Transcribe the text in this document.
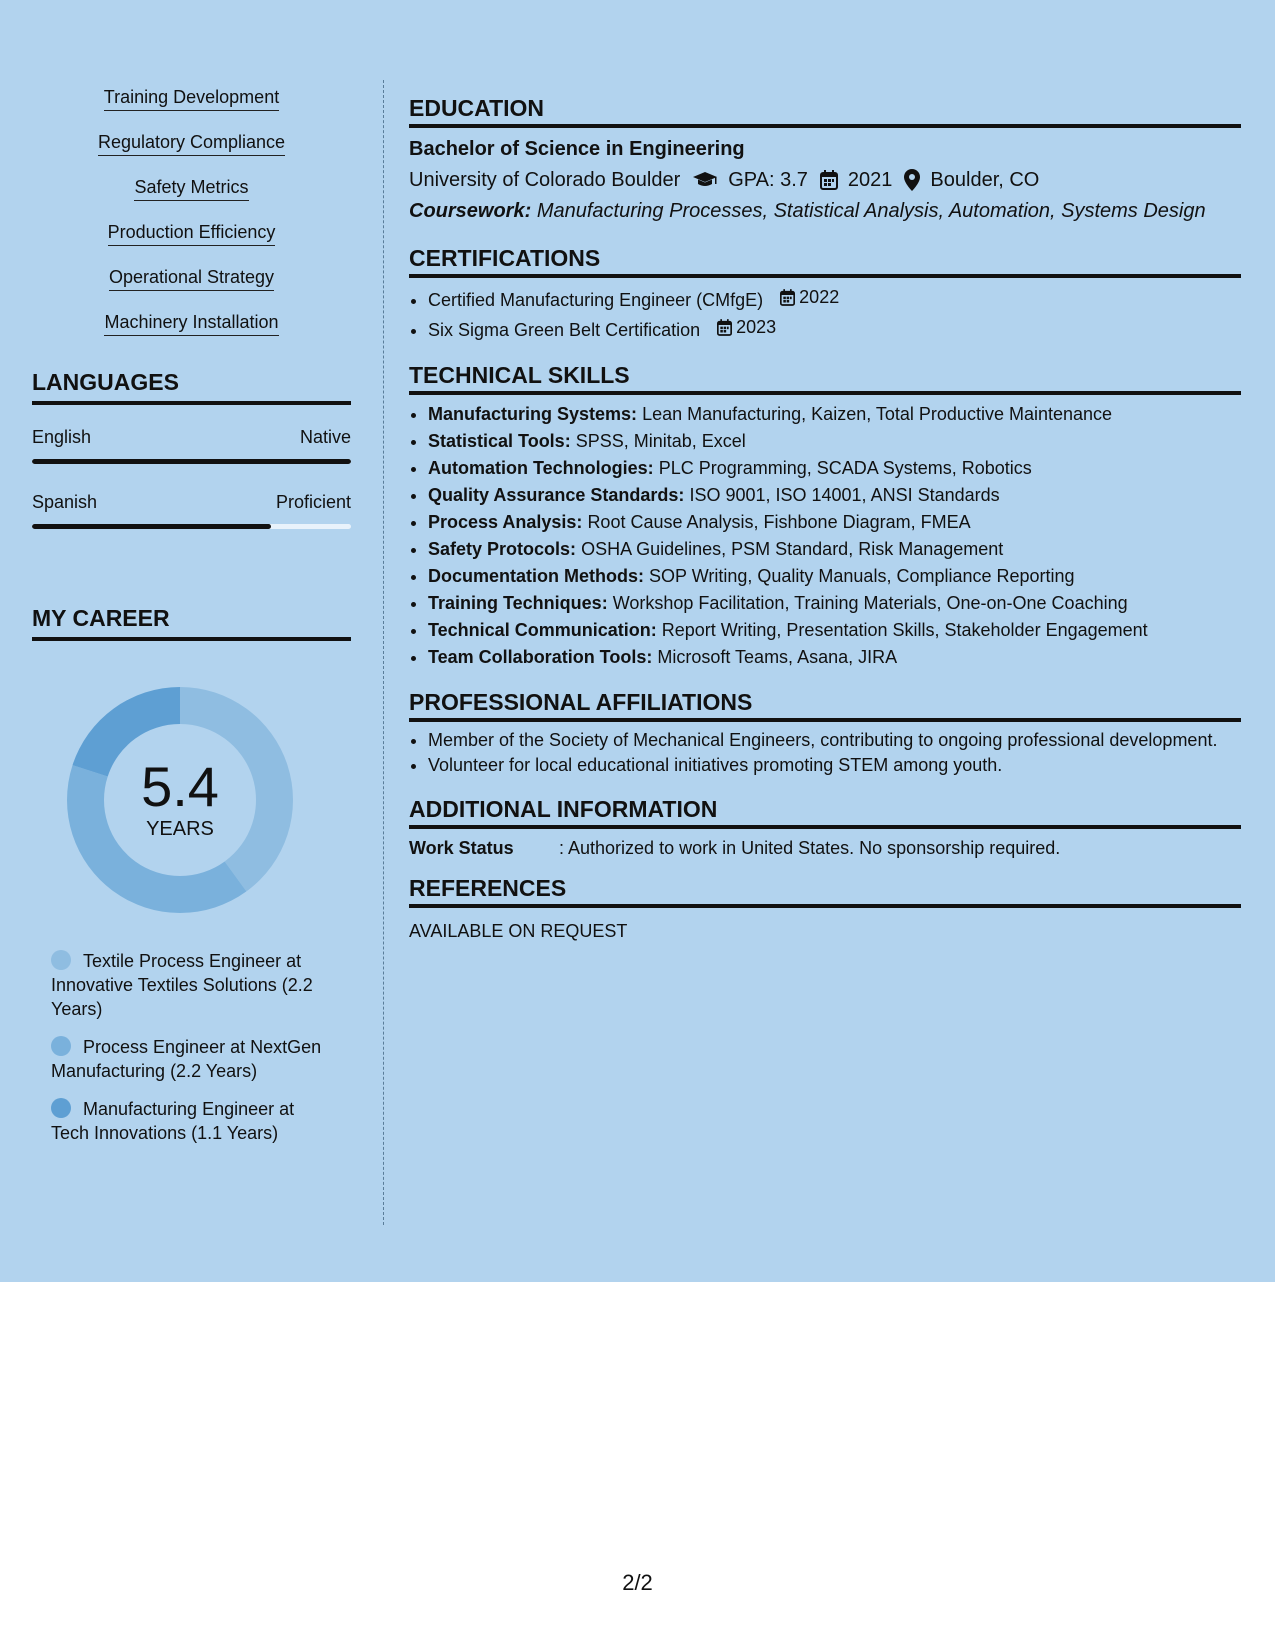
Training Development
Regulatory Compliance
Safety Metrics
Production Efficiency
Operational Strategy
Machinery Installation
LANGUAGES
English	Native
Spanish	Proficient
MY CAREER
5.4
YEARS
Textile Process Engineer at Innovative Textiles Solutions (2.2 Years)
Process Engineer at NextGen Manufacturing (2.2 Years)
Manufacturing Engineer at Tech Innovations (1.1 Years)
EDUCATION
Bachelor of Science in Engineering
University of Colorado Boulder GPA: 3.7 2021 Boulder, CO
Coursework: Manufacturing Processes, Statistical Analysis, Automation, Systems Design
CERTIFICATIONS
• Certified Manufacturing Engineer (CMfgE) 2022
• Six Sigma Green Belt Certification 2023
TECHNICAL SKILLS
• Manufacturing Systems: Lean Manufacturing, Kaizen, Total Productive Maintenance
• Statistical Tools: SPSS, Minitab, Excel
• Automation Technologies: PLC Programming, SCADA Systems, Robotics
• Quality Assurance Standards: ISO 9001, ISO 14001, ANSI Standards
• Process Analysis: Root Cause Analysis, Fishbone Diagram, FMEA
• Safety Protocols: OSHA Guidelines, PSM Standard, Risk Management
• Documentation Methods: SOP Writing, Quality Manuals, Compliance Reporting
• Training Techniques: Workshop Facilitation, Training Materials, One-on-One Coaching
• Technical Communication: Report Writing, Presentation Skills, Stakeholder Engagement
• Team Collaboration Tools: Microsoft Teams, Asana, JIRA
PROFESSIONAL AFFILIATIONS
• Member of the Society of Mechanical Engineers, contributing to ongoing professional development.
• Volunteer for local educational initiatives promoting STEM among youth.
ADDITIONAL INFORMATION
Work Status	: Authorized to work in United States. No sponsorship required.
REFERENCES
AVAILABLE ON REQUEST
2/2
